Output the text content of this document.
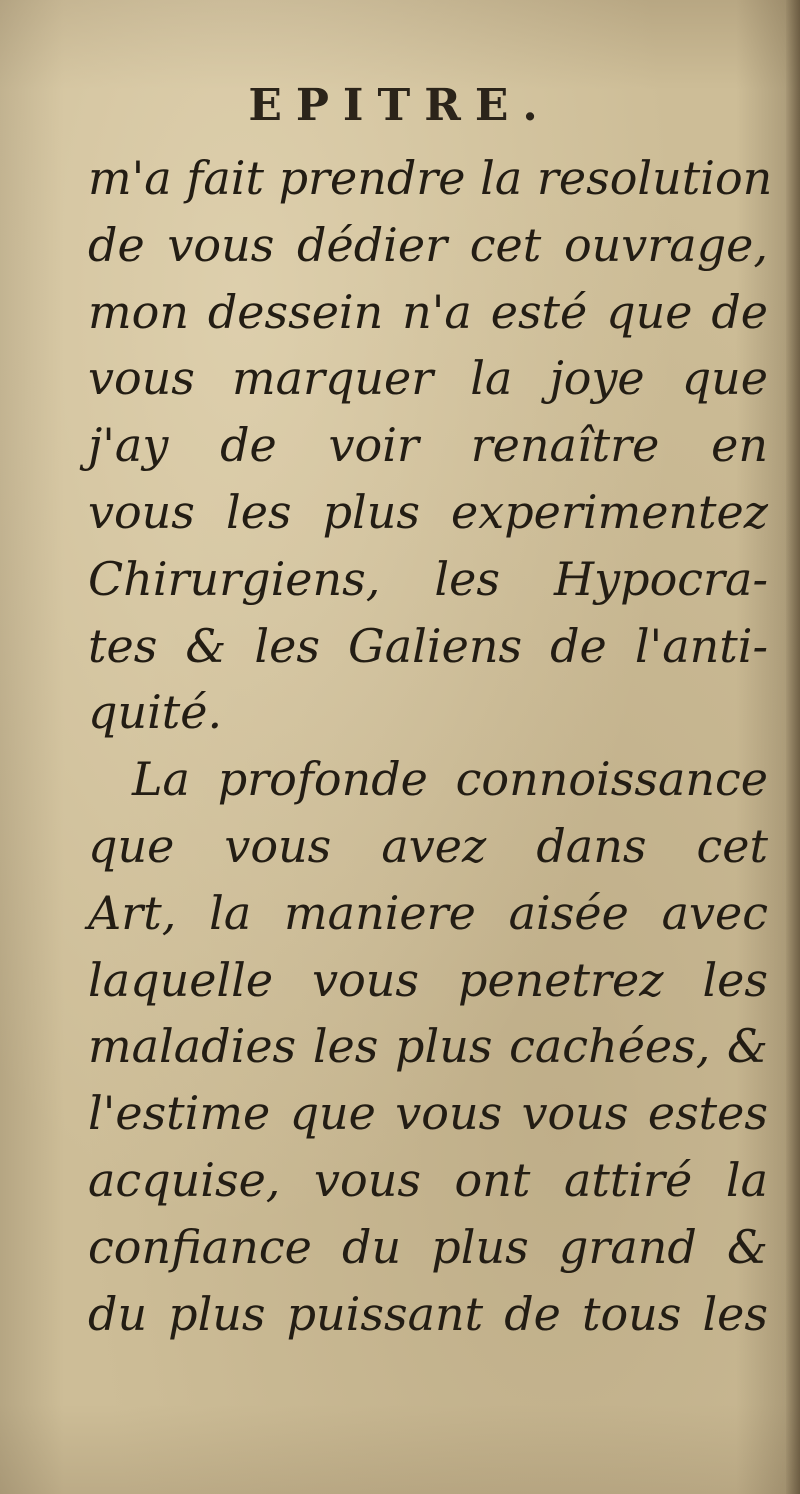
EPITRE.
m'a fait prendre la resolution
de vous dédier cet ouvrage,
mon dessein n'a esté que de
vous marquer la joye que
j'ay de voir renaître en
vous les plus experimentez
Chirurgiens, les Hypocra-
tes & les Galiens de l'anti-
quité.
La profonde connoissance
que vous avez dans cet
Art, la maniere aisée avec
laquelle vous penetrez les
maladies les plus cachées, &
l'estime que vous vous estes
acquise, vous ont attiré la
confiance du plus grand &
du plus puissant de tous les
